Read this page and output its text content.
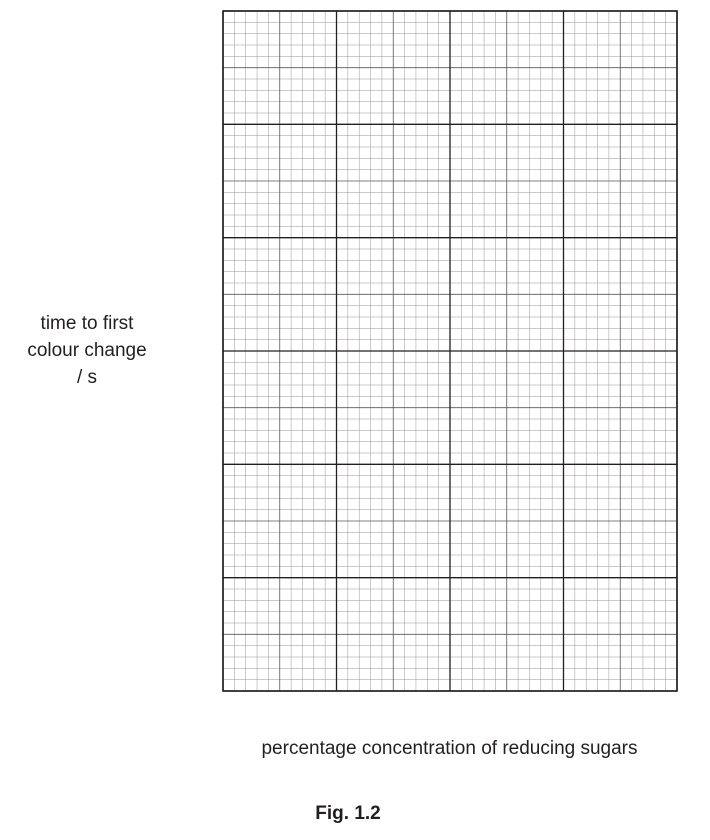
time to first
colour change
/ s
percentage concentration of reducing sugars
Fig. 1.2
